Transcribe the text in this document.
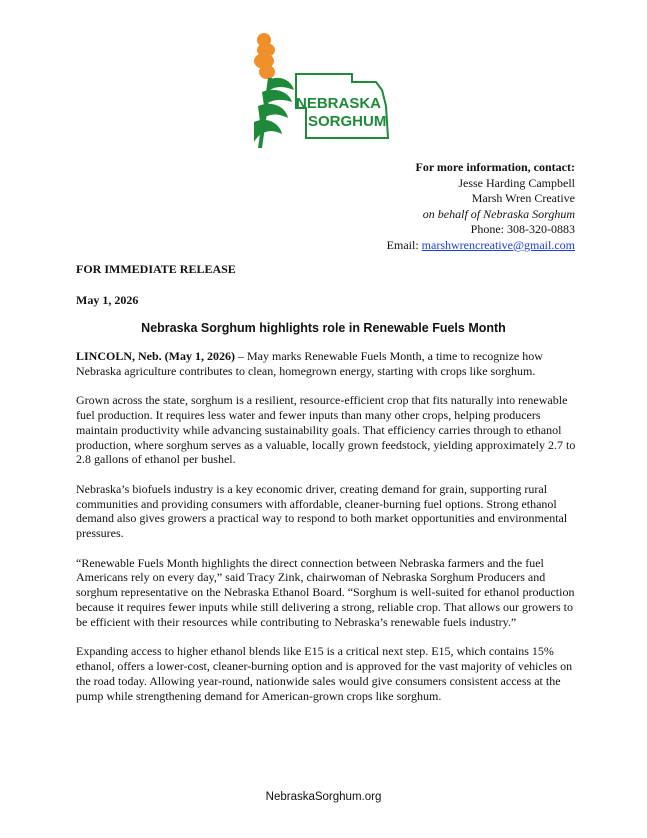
NEBRASKA
SORGHUM
For more information, contact:
Jesse Harding Campbell
Marsh Wren Creative
on behalf of Nebraska Sorghum
Phone: 308-320-0883
Email: marshwrencreative@gmail.com
FOR IMMEDIATE RELEASE
May 1, 2026
Nebraska Sorghum highlights role in Renewable Fuels Month

LINCOLN, Neb. (May 1, 2026) – May marks Renewable Fuels Month, a time to recognize how Nebraska agriculture contributes to clean, homegrown energy, starting with crops like sorghum.

Grown across the state, sorghum is a resilient, resource-efficient crop that fits naturally into renewable fuel production. It requires less water and fewer inputs than many other crops, helping producers maintain productivity while advancing sustainability goals. That efficiency carries through to ethanol production, where sorghum serves as a valuable, locally grown feedstock, yielding approximately 2.7 to 2.8 gallons of ethanol per bushel.

Nebraska’s biofuels industry is a key economic driver, creating demand for grain, supporting rural communities and providing consumers with affordable, cleaner-burning fuel options. Strong ethanol demand also gives growers a practical way to respond to both market opportunities and environmental pressures.

“Renewable Fuels Month highlights the direct connection between Nebraska farmers and the fuel Americans rely on every day,” said Tracy Zink, chairwoman of Nebraska Sorghum Producers and sorghum representative on the Nebraska Ethanol Board. “Sorghum is well-suited for ethanol production because it requires fewer inputs while still delivering a strong, reliable crop. That allows our growers to be efficient with their resources while contributing to Nebraska’s renewable fuels industry.”

Expanding access to higher ethanol blends like E15 is a critical next step. E15, which contains 15% ethanol, offers a lower-cost, cleaner-burning option and is approved for the vast majority of vehicles on the road today. Allowing year-round, nationwide sales would give consumers consistent access at the pump while strengthening demand for American-grown crops like sorghum.

NebraskaSorghum.org
